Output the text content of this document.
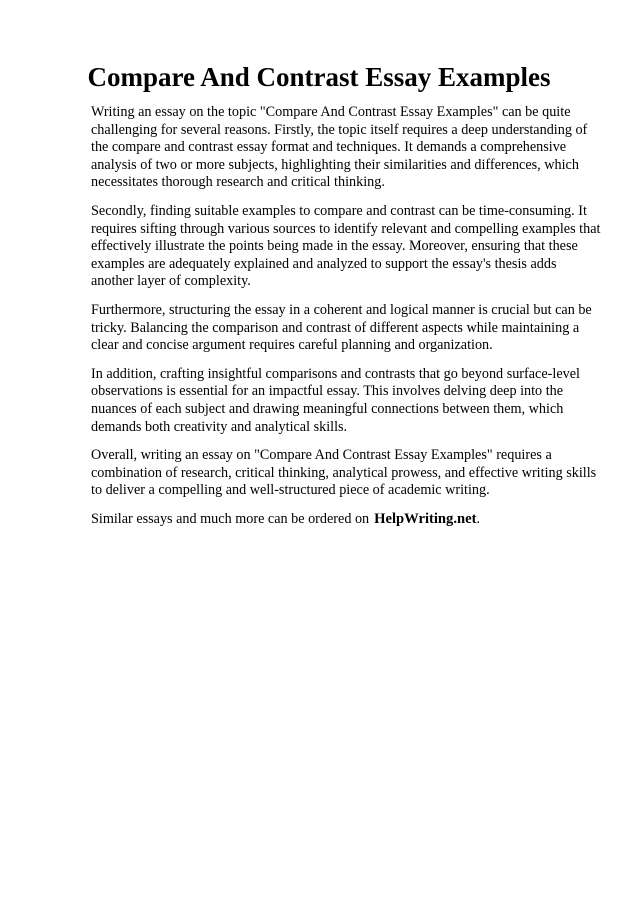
Compare And Contrast Essay Examples

Writing an essay on the topic "Compare And Contrast Essay Examples" can be quite challenging for several reasons. Firstly, the topic itself requires a deep understanding of the compare and contrast essay format and techniques. It demands a comprehensive analysis of two or more subjects, highlighting their similarities and differences, which necessitates thorough research and critical thinking.

Secondly, finding suitable examples to compare and contrast can be time-consuming. It requires sifting through various sources to identify relevant and compelling examples that effectively illustrate the points being made in the essay. Moreover, ensuring that these examples are adequately explained and analyzed to support the essay's thesis adds another layer of complexity.

Furthermore, structuring the essay in a coherent and logical manner is crucial but can be tricky. Balancing the comparison and contrast of different aspects while maintaining a clear and concise argument requires careful planning and organization.

In addition, crafting insightful comparisons and contrasts that go beyond surface-level observations is essential for an impactful essay. This involves delving deep into the nuances of each subject and drawing meaningful connections between them, which demands both creativity and analytical skills.

Overall, writing an essay on "Compare And Contrast Essay Examples" requires a combination of research, critical thinking, analytical prowess, and effective writing skills to deliver a compelling and well-structured piece of academic writing.

Similar essays and much more can be ordered on HelpWriting.net.
